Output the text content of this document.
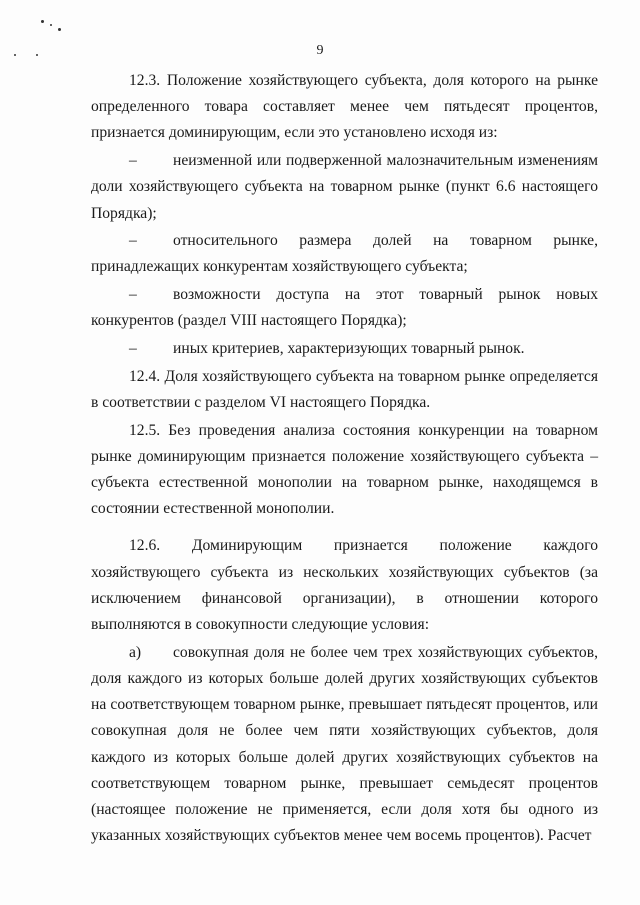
9

12.3. Положение хозяйствующего субъекта, доля которого на рынке определенного товара составляет менее чем пятьдесят процентов, признается доминирующим, если это установлено исходя из:

– неизменной или подверженной малозначительным изменениям доли хозяйствующего субъекта на товарном рынке (пункт 6.6 настоящего Порядка);

– относительного размера долей на товарном рынке, принадлежащих конкурентам хозяйствующего субъекта;

– возможности доступа на этот товарный рынок новых конкурентов (раздел VIII настоящего Порядка);

– иных критериев, характеризующих товарный рынок.

12.4. Доля хозяйствующего субъекта на товарном рынке определяется в соответствии с разделом VI настоящего Порядка.

12.5. Без проведения анализа состояния конкуренции на товарном рынке доминирующим признается положение хозяйствующего субъекта – субъекта естественной монополии на товарном рынке, находящемся в состоянии естественной монополии.

12.6. Доминирующим признается положение каждого хозяйствующего субъекта из нескольких хозяйствующих субъектов (за исключением финансовой организации), в отношении которого выполняются в совокупности следующие условия:

а) совокупная доля не более чем трех хозяйствующих субъектов, доля каждого из которых больше долей других хозяйствующих субъектов на соответствующем товарном рынке, превышает пятьдесят процентов, или совокупная доля не более чем пяти хозяйствующих субъектов, доля каждого из которых больше долей других хозяйствующих субъектов на соответствующем товарном рынке, превышает семьдесят процентов (настоящее положение не применяется, если доля хотя бы одного из указанных хозяйствующих субъектов менее чем восемь процентов). Расчет
